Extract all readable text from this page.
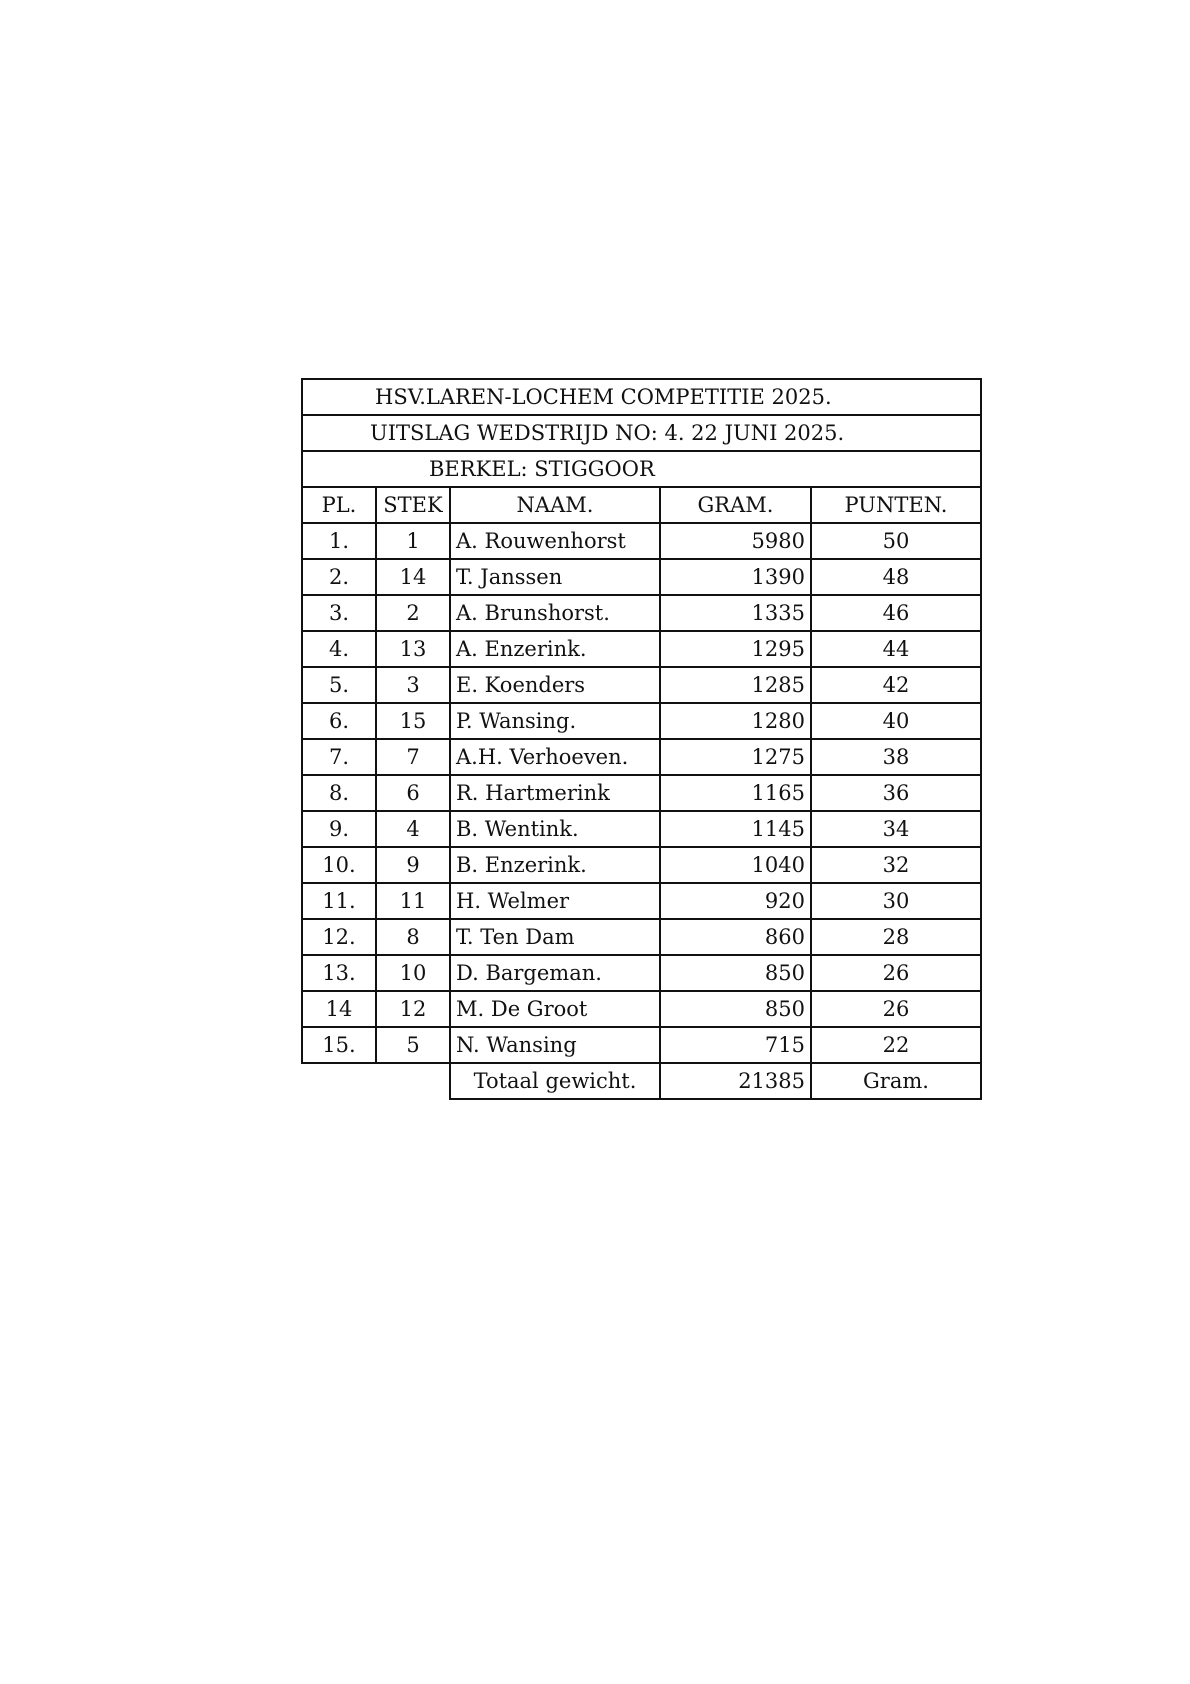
HSV.LAREN-LOCHEM COMPETITIE 2025.				
UITSLAG WEDSTRIJD NO: 4. 22 JUNI 2025.				
BERKEL: STIGGOOR				
PL.	STEK	NAAM.	GRAM.	PUNTEN.
1.	1	A. Rouwenhorst	5980	50
2.	14	T. Janssen	1390	48
3.	2	A. Brunshorst.	1335	46
4.	13	A. Enzerink.	1295	44
5.	3	E. Koenders	1285	42
6.	15	P. Wansing.	1280	40
7.	7	A.H. Verhoeven.	1275	38
8.	6	R. Hartmerink	1165	36
9.	4	B. Wentink.	1145	34
10.	9	B. Enzerink.	1040	32
11.	11	H. Welmer	920	30
12.	8	T. Ten Dam	860	28
13.	10	D. Bargeman.	850	26
14	12	M. De Groot	850	26
15.	5	N. Wansing	715	22
		Totaal gewicht.	21385	Gram.
